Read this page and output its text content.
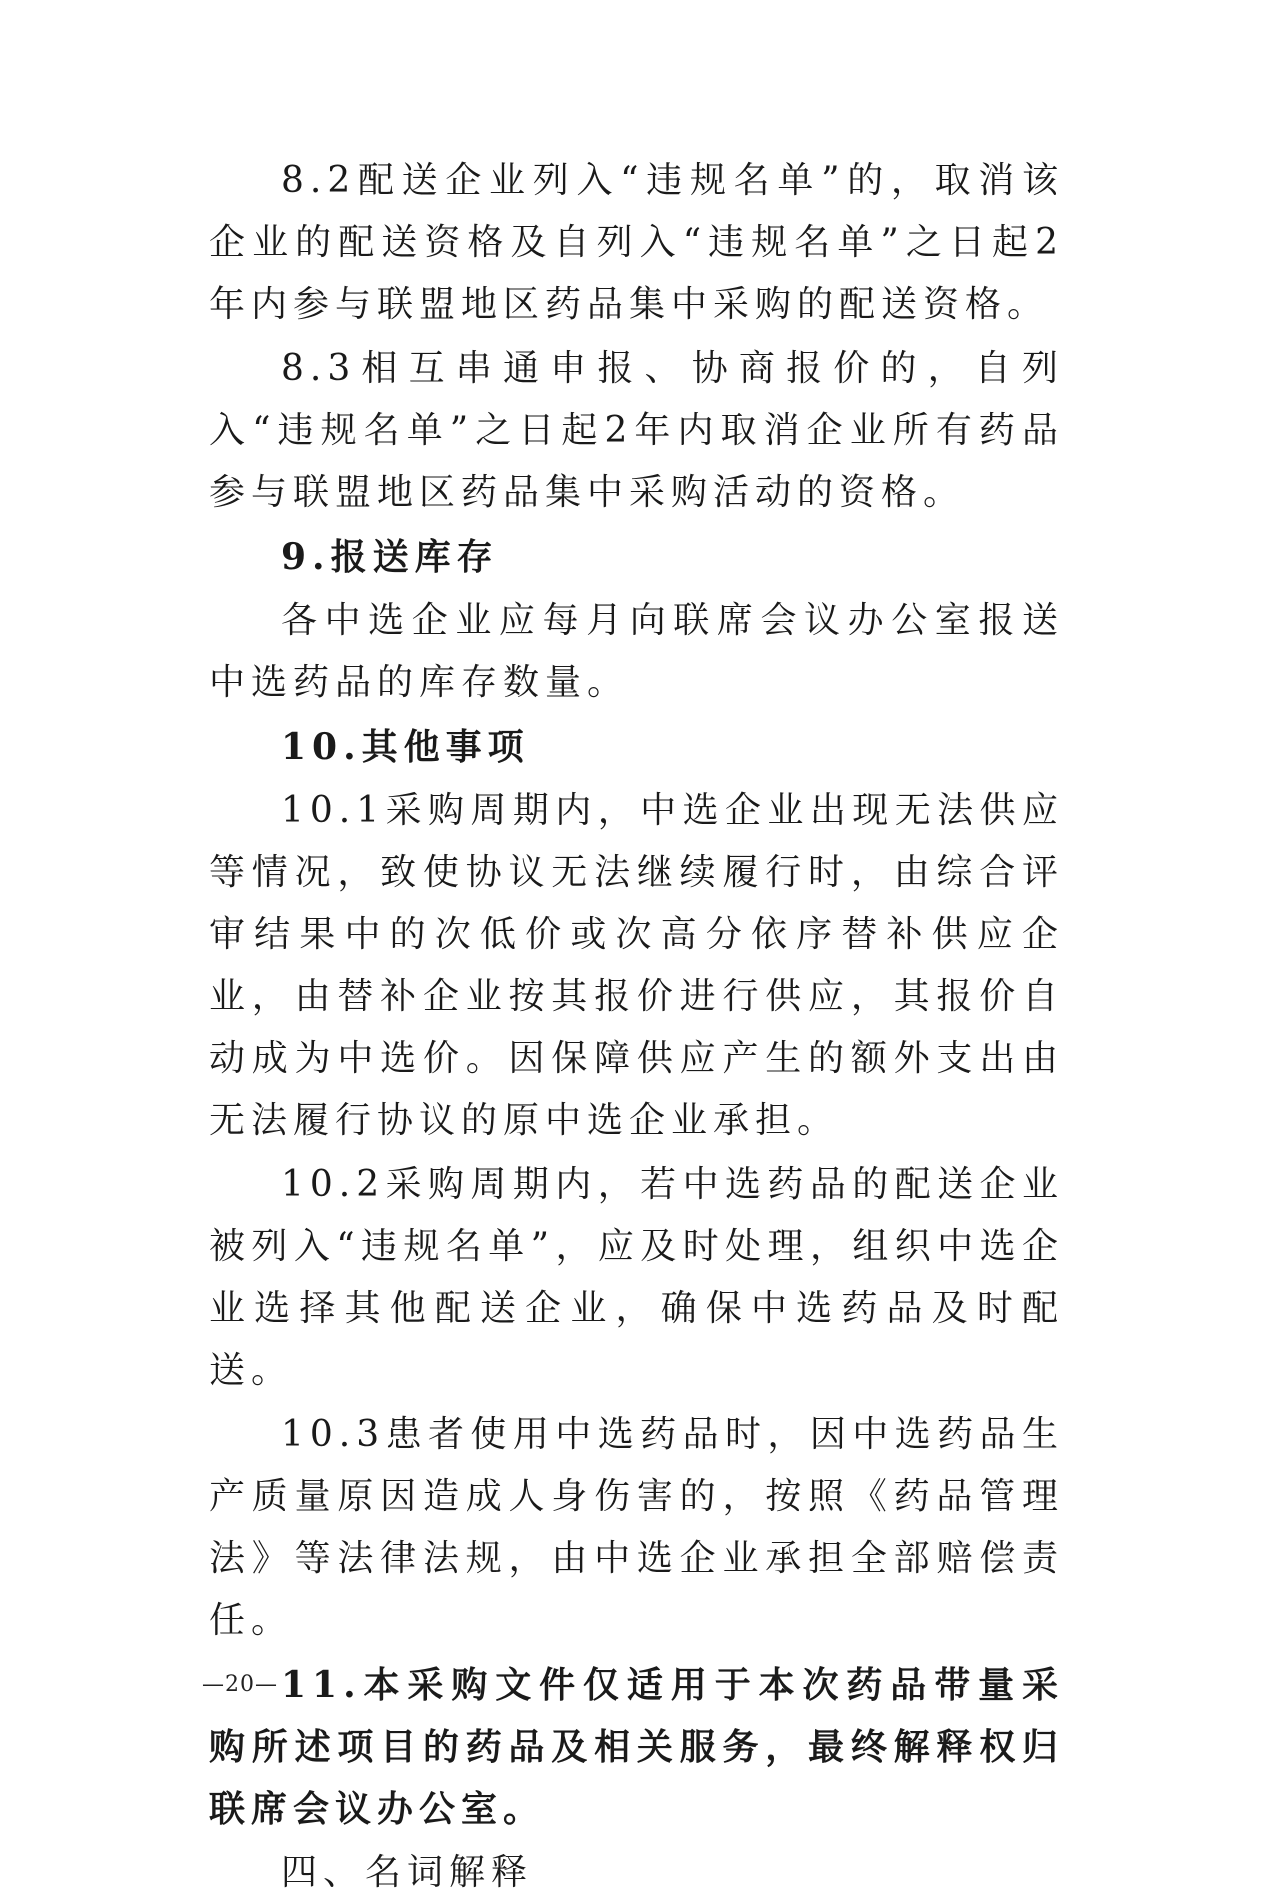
8.2配送企业列入“违规名单”的，取消该企业的配送资格及自列入“违规名单”之日起2年内参与联盟地区药品集中采购的配送资格。

8.3相互串通申报、协商报价的，自列入“违规名单”之日起2年内取消企业所有药品参与联盟地区药品集中采购活动的资格。

9.报送库存

各中选企业应每月向联席会议办公室报送中选药品的库存数量。

10.其他事项

10.1采购周期内，中选企业出现无法供应等情况，致使协议无法继续履行时，由综合评审结果中的次低价或次高分依序替补供应企业，由替补企业按其报价进行供应，其报价自动成为中选价。因保障供应产生的额外支出由无法履行协议的原中选企业承担。

10.2采购周期内，若中选药品的配送企业被列入“违规名单”，应及时处理，组织中选企业选择其他配送企业，确保中选药品及时配送。

10.3患者使用中选药品时，因中选药品生产质量原因造成人身伤害的，按照《药品管理法》等法律法规，由中选企业承担全部赔偿责任。

11.本采购文件仅适用于本次药品带量采购所述项目的药品及相关服务，最终解释权归联席会议办公室。

四、名词解释

—20—
